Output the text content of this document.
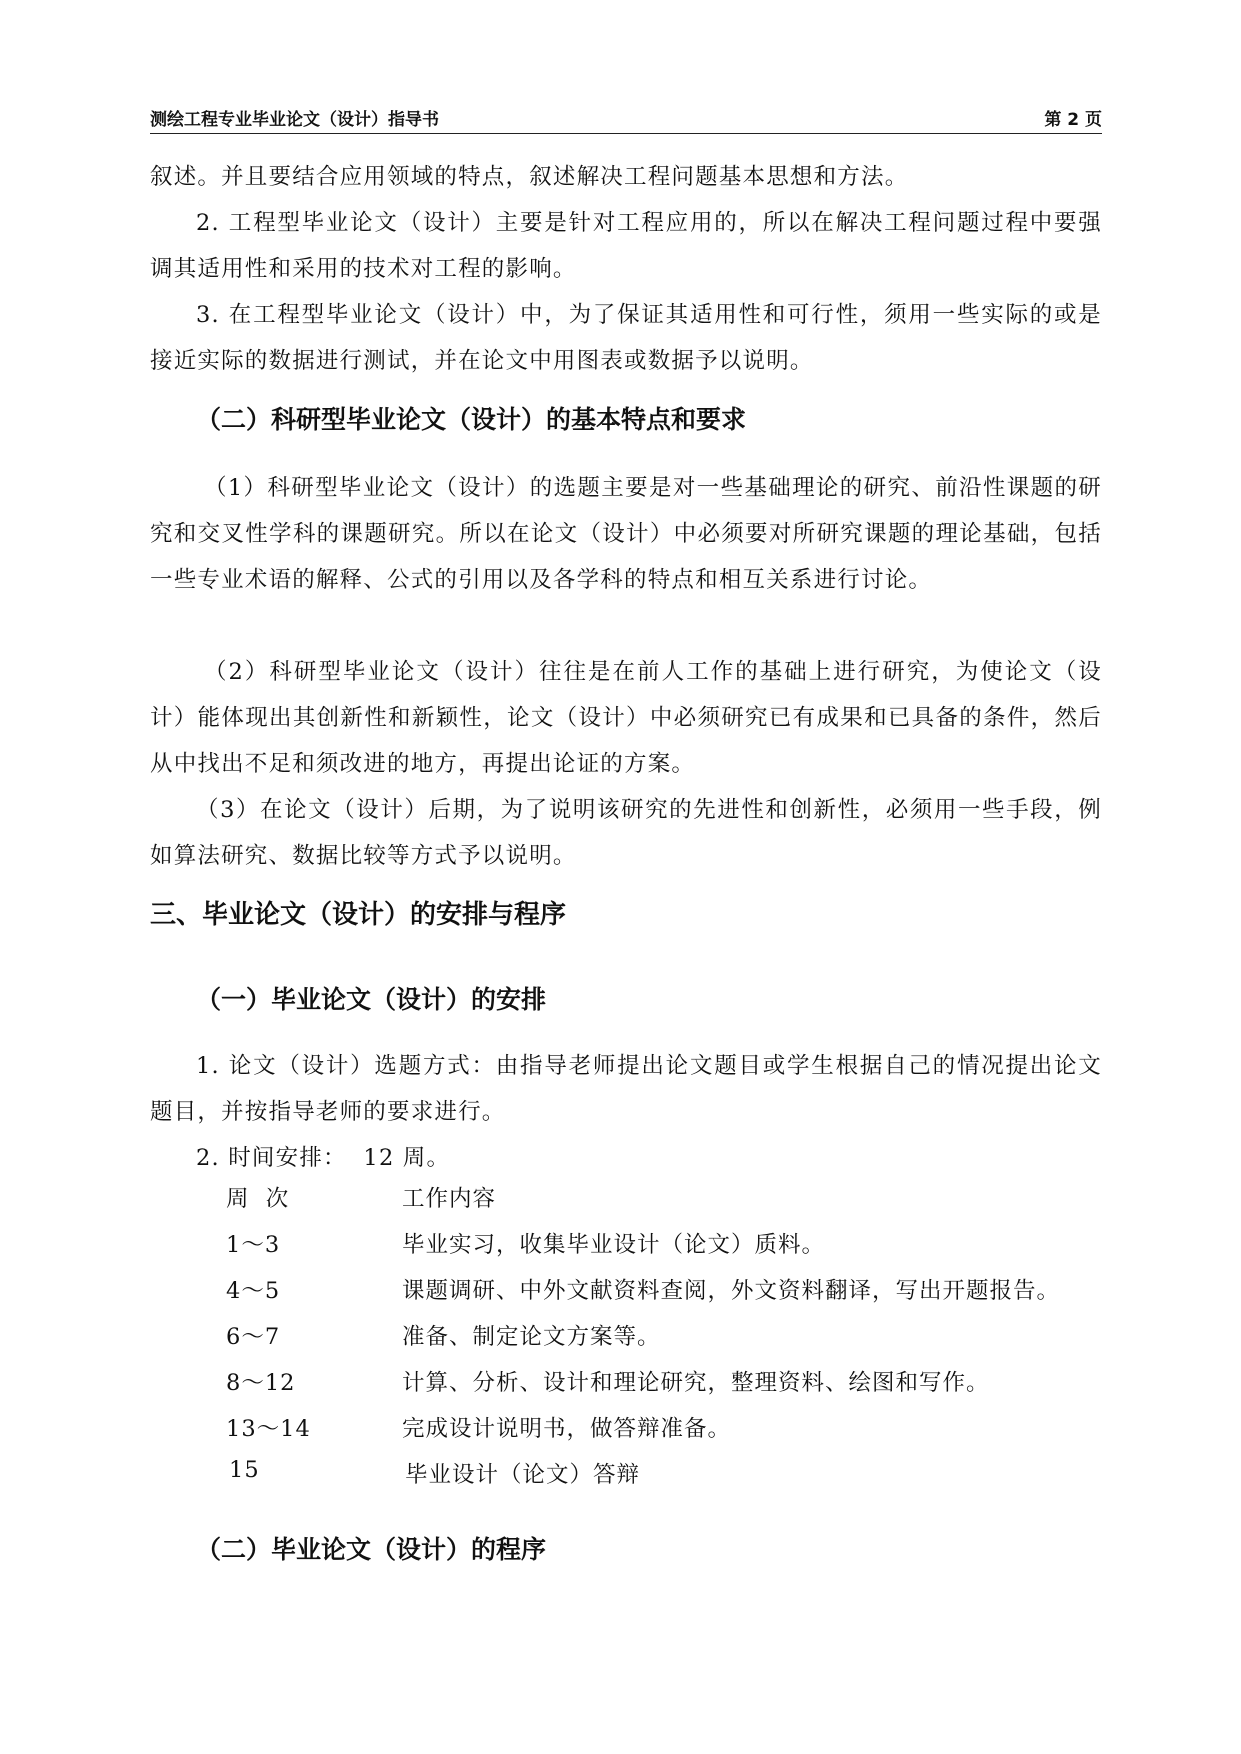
测绘工程专业毕业论文（设计）指导书	第 2 页

叙述。并且要结合应用领域的特点，叙述解决工程问题基本思想和方法。

2. 工程型毕业论文（设计）主要是针对工程应用的，所以在解决工程问题过程中要强调其适用性和采用的技术对工程的影响。

3. 在工程型毕业论文（设计）中，为了保证其适用性和可行性，须用一些实际的或是接近实际的数据进行测试，并在论文中用图表或数据予以说明。

（二）科研型毕业论文（设计）的基本特点和要求

（1）科研型毕业论文（设计）的选题主要是对一些基础理论的研究、前沿性课题的研究和交叉性学科的课题研究。所以在论文（设计）中必须要对所研究课题的理论基础，包括一些专业术语的解释、公式的引用以及各学科的特点和相互关系进行讨论。

（2）科研型毕业论文（设计）往往是在前人工作的基础上进行研究，为使论文（设计）能体现出其创新性和新颖性，论文（设计）中必须研究已有成果和已具备的条件，然后从中找出不足和须改进的地方，再提出论证的方案。

（3）在论文（设计）后期，为了说明该研究的先进性和创新性，必须用一些手段，例如算法研究、数据比较等方式予以说明。

三、毕业论文（设计）的安排与程序
（一）毕业论文（设计）的安排

1. 论文（设计）选题方式：由指导老师提出论文题目或学生根据自己的情况提出论文题目，并按指导老师的要求进行。

2. 时间安排：  12 周。

周  次	工作内容
1～3	毕业实习，收集毕业设计（论文）质料。
4～5	课题调研、中外文献资料查阅，外文资料翻译，写出开题报告。
6～7	准备、制定论文方案等。
8～12	计算、分析、设计和理论研究，整理资料、绘图和写作。
13～14	完成设计说明书，做答辩准备。
15	毕业设计（论文）答辩
（二）毕业论文（设计）的程序
